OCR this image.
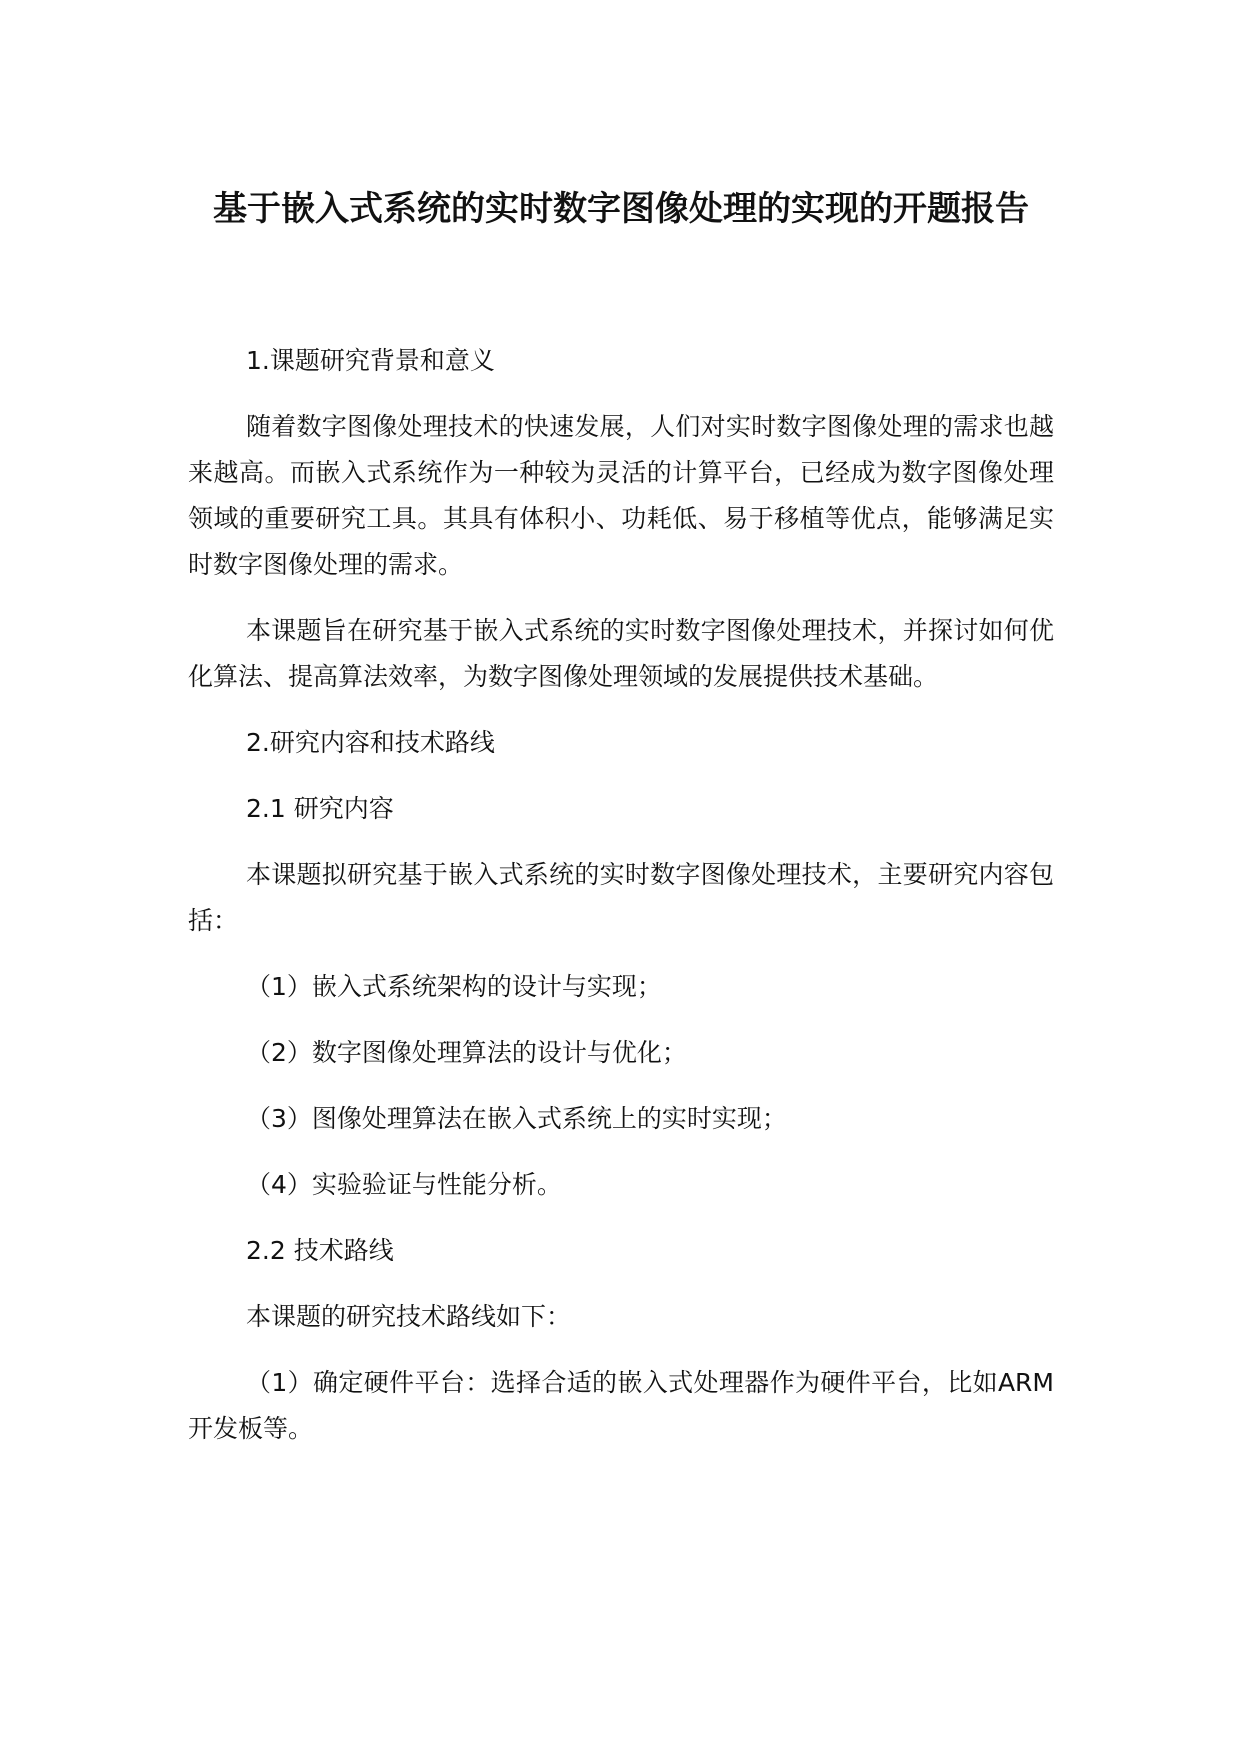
基于嵌入式系统的实时数字图像处理的实现的开题报告

1.课题研究背景和意义

随着数字图像处理技术的快速发展，人们对实时数字图像处理的需求也越来越高。而嵌入式系统作为一种较为灵活的计算平台，已经成为数字图像处理领域的重要研究工具。其具有体积小、功耗低、易于移植等优点，能够满足实时数字图像处理的需求。

本课题旨在研究基于嵌入式系统的实时数字图像处理技术，并探讨如何优化算法、提高算法效率，为数字图像处理领域的发展提供技术基础。

2.研究内容和技术路线

2.1 研究内容

本课题拟研究基于嵌入式系统的实时数字图像处理技术，主要研究内容包括：

（1）嵌入式系统架构的设计与实现；

（2）数字图像处理算法的设计与优化；

（3）图像处理算法在嵌入式系统上的实时实现；

（4）实验验证与性能分析。

2.2 技术路线

本课题的研究技术路线如下：

（1）确定硬件平台：选择合适的嵌入式处理器作为硬件平台，比如ARM开发板等。
